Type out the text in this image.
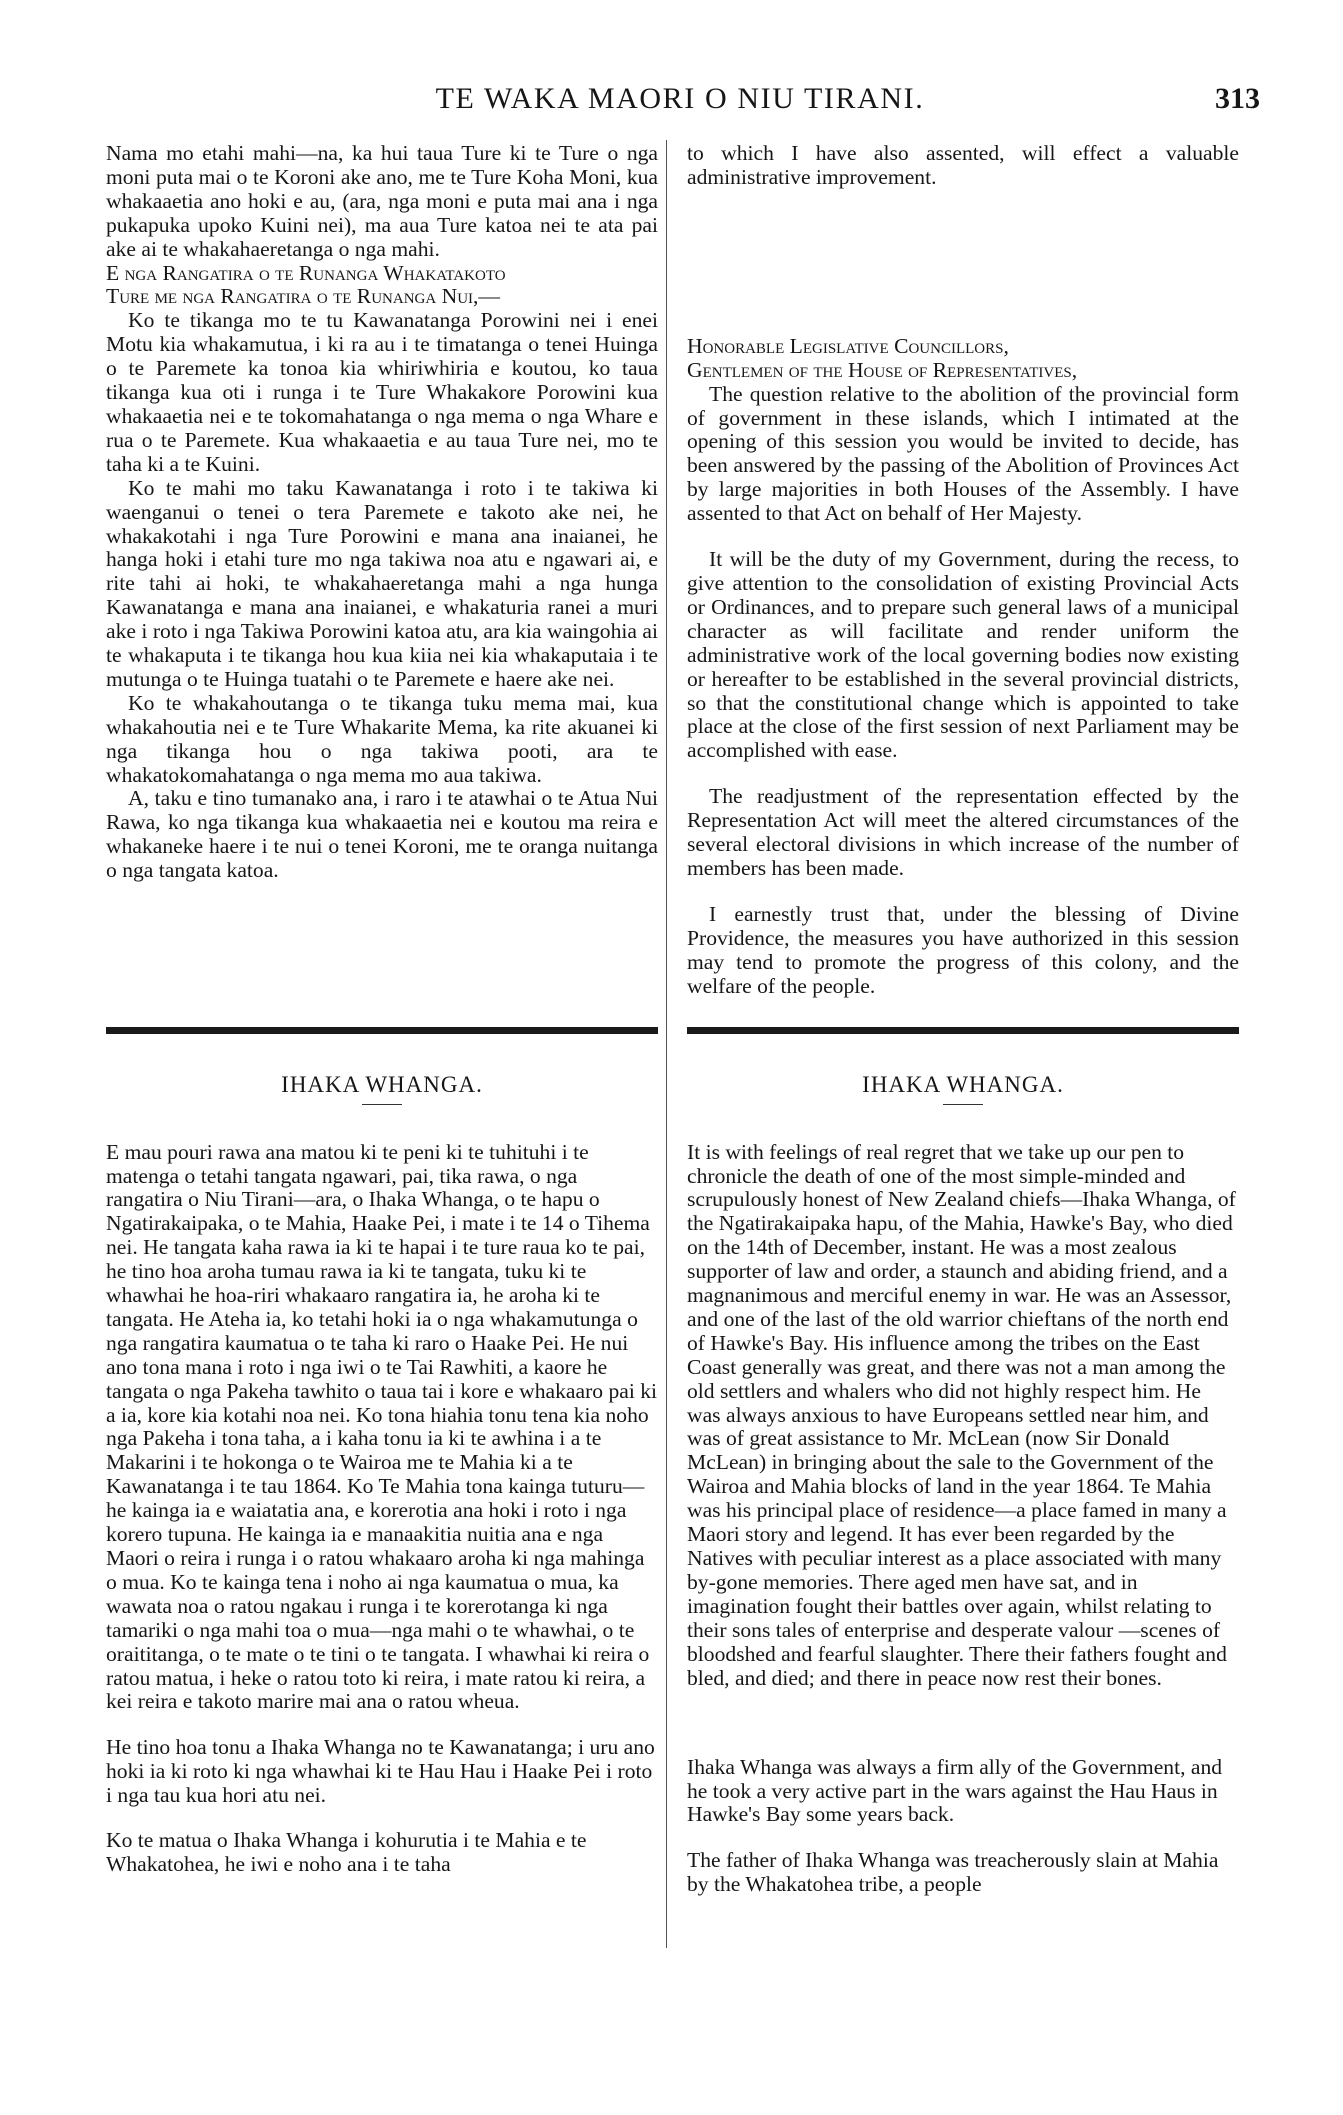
TE WAKA MAORI O NIU TIRANI.	313

Nama mo etahi mahi—na, ka hui taua Ture ki te Ture o nga moni puta mai o te Koroni ake ano, me te Ture Koha Moni, kua whakaaetia ano hoki e au, (ara, nga moni e puta mai ana i nga pukapuka upoko Kuini nei), ma aua Ture katoa nei te ata pai ake ai te whakahaeretanga o nga mahi.

E nga Rangatira o te Runanga Whakatakoto

Ture me nga Rangatira o te Runanga Nui,—

Ko te tikanga mo te tu Kawanatanga Porowini nei i enei Motu kia whakamutua, i ki ra au i te timatanga o tenei Huinga o te Paremete ka tonoa kia whiriwhiria e koutou, ko taua tikanga kua oti i runga i te Ture Whakakore Porowini kua whakaaetia nei e te tokomahatanga o nga mema o nga Whare e rua o te Paremete. Kua whakaaetia e au taua Ture nei, mo te taha ki a te Kuini.

Ko te mahi mo taku Kawanatanga i roto i te takiwa ki waenganui o tenei o tera Paremete e takoto ake nei, he whakakotahi i nga Ture Porowini e mana ana inaianei, he hanga hoki i etahi ture mo nga takiwa noa atu e ngawari ai, e rite tahi ai hoki, te whakahaeretanga mahi a nga hunga Kawanatanga e mana ana inaianei, e whakaturia ranei a muri ake i roto i nga Takiwa Porowini katoa atu, ara kia waingohia ai te whakaputa i te tikanga hou kua kiia nei kia whakaputaia i te mutunga o te Huinga tuatahi o te Paremete e haere ake nei.

Ko te whakahoutanga o te tikanga tuku mema mai, kua whakahoutia nei e te Ture Whakarite Mema, ka rite akuanei ki nga tikanga hou o nga takiwa pooti, ara te whakatokomahatanga o nga mema mo aua takiwa.

A, taku e tino tumanako ana, i raro i te atawhai o te Atua Nui Rawa, ko nga tikanga kua whakaaetia nei e koutou ma reira e whakaneke haere i te nui o tenei Koroni, me te oranga nuitanga o nga tangata katoa.

to which I have also assented, will effect a valuable administrative improvement.

Honorable Legislative Councillors,

Gentlemen of the House of Representatives,

The question relative to the abolition of the provincial form of government in these islands, which I intimated at the opening of this session you would be invited to decide, has been answered by the passing of the Abolition of Provinces Act by large majorities in both Houses of the Assembly. I have assented to that Act on behalf of Her Majesty.

It will be the duty of my Government, during the recess, to give attention to the consolidation of existing Provincial Acts or Ordinances, and to prepare such general laws of a municipal character as will facilitate and render uniform the administrative work of the local governing bodies now existing or hereafter to be established in the several provincial districts, so that the constitutional change which is appointed to take place at the close of the first session of next Parliament may be accomplished with ease.

The readjustment of the representation effected by the Representation Act will meet the altered circumstances of the several electoral divisions in which increase of the number of members has been made.

I earnestly trust that, under the blessing of Divine Providence, the measures you have authorized in this session may tend to promote the progress of this colony, and the welfare of the people.

IHAKA WHANGA.	IHAKA WHANGA.

E mau pouri rawa ana matou ki te peni ki te tuhituhi i te matenga o tetahi tangata ngawari, pai, tika rawa, o nga rangatira o Niu Tirani—ara, o Ihaka Whanga, o te hapu o Ngatirakaipaka, o te Mahia, Haake Pei, i mate i te 14 o Tihema nei. He tangata kaha rawa ia ki te hapai i te ture raua ko te pai, he tino hoa aroha tumau rawa ia ki te tangata, tuku ki te whawhai he hoa-riri whakaaro rangatira ia, he aroha ki te tangata. He Ateha ia, ko tetahi hoki ia o nga whakamutunga o nga rangatira kaumatua o te taha ki raro o Haake Pei. He nui ano tona mana i roto i nga iwi o te Tai Rawhiti, a kaore he tangata o nga Pakeha tawhito o taua tai i kore e whakaaro pai ki a ia, kore kia kotahi noa nei. Ko tona hiahia tonu tena kia noho nga Pakeha i tona taha, a i kaha tonu ia ki te awhina i a te Makarini i te hokonga o te Wairoa me te Mahia ki a te Kawanatanga i te tau 1864. Ko Te Mahia tona kainga tuturu—he kainga ia e waiatatia ana, e korerotia ana hoki i roto i nga korero tupuna. He kainga ia e manaakitia nuitia ana e nga Maori o reira i runga i o ratou whakaaro aroha ki nga mahinga o mua. Ko te kainga tena i noho ai nga kaumatua o mua, ka wawata noa o ratou ngakau i runga i te korerotanga ki nga tamariki o nga mahi toa o mua—nga mahi o te whawhai, o te oraititanga, o te mate o te tini o te tangata. I whawhai ki reira o ratou matua, i heke o ratou toto ki reira, i mate ratou ki reira, a kei reira e takoto marire mai ana o ratou wheua.

He tino hoa tonu a Ihaka Whanga no te Kawanatanga; i uru ano hoki ia ki roto ki nga whawhai ki te Hau Hau i Haake Pei i roto i nga tau kua hori atu nei.

Ko te matua o Ihaka Whanga i kohurutia i te Mahia e te Whakatohea, he iwi e noho ana i te taha

It is with feelings of real regret that we take up our pen to chronicle the death of one of the most simple-minded and scrupulously honest of New Zealand chiefs—Ihaka Whanga, of the Ngatirakaipaka hapu, of the Mahia, Hawke's Bay, who died on the 14th of December, instant. He was a most zealous supporter of law and order, a staunch and abiding friend, and a magnanimous and merciful enemy in war. He was an Assessor, and one of the last of the old warrior chieftans of the north end of Hawke's Bay. His influence among the tribes on the East Coast generally was great, and there was not a man among the old settlers and whalers who did not highly respect him. He was always anxious to have Europeans settled near him, and was of great assistance to Mr. McLean (now Sir Donald McLean) in bringing about the sale to the Government of the Wairoa and Mahia blocks of land in the year 1864. Te Mahia was his principal place of residence—a place famed in many a Maori story and legend. It has ever been regarded by the Natives with peculiar interest as a place associated with many by-gone memories. There aged men have sat, and in imagination fought their battles over again, whilst relating to their sons tales of enterprise and desperate valour —scenes of bloodshed and fearful slaughter. There their fathers fought and bled, and died; and there in peace now rest their bones.

Ihaka Whanga was always a firm ally of the Government, and he took a very active part in the wars against the Hau Haus in Hawke's Bay some years back.

The father of Ihaka Whanga was treacherously slain at Mahia by the Whakatohea tribe, a people
